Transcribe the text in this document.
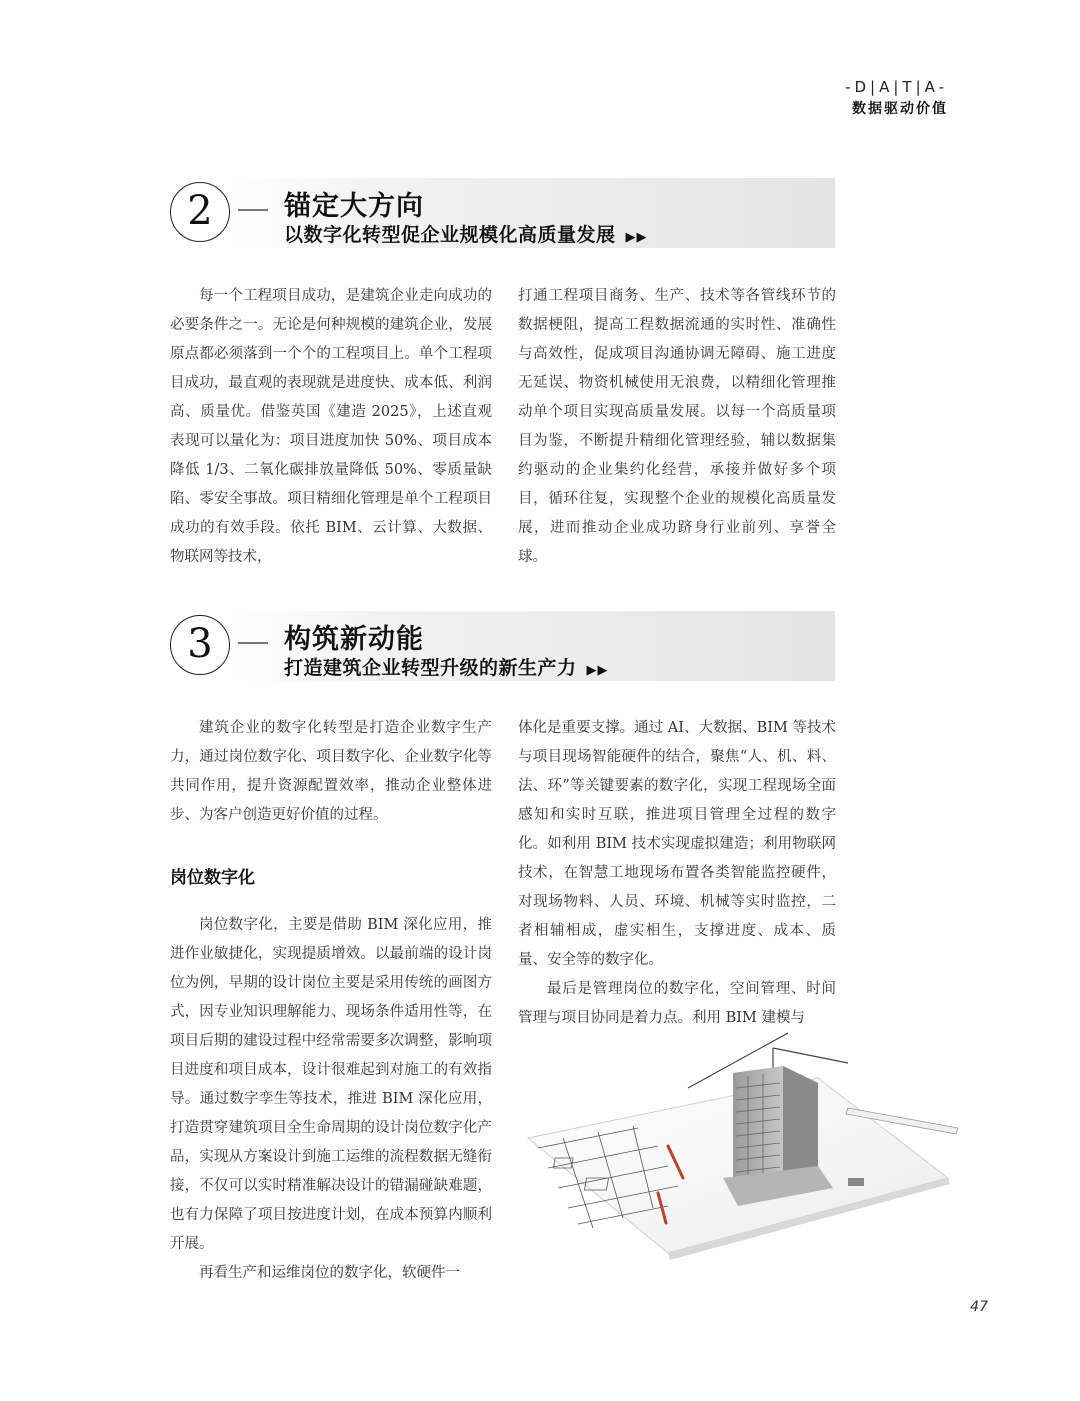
-D|A|T|A-
数据驱动价值
2	锚定大方向
以数字化转型促企业规模化高质量发展 ▶▶

每一个工程项目成功，是建筑企业走向成功的必要条件之一。无论是何种规模的建筑企业，发展原点都必须落到一个个的工程项目上。单个工程项目成功，最直观的表现就是进度快、成本低、利润高、质量优。借鉴英国《建造 2025》，上述直观表现可以量化为：项目进度加快 50%、项目成本降低 1/3、二氧化碳排放量降低 50%、零质量缺陷、零安全事故。项目精细化管理是单个工程项目成功的有效手段。依托 BIM、云计算、大数据、物联网等技术，

打通工程项目商务、生产、技术等各管线环节的数据梗阻，提高工程数据流通的实时性、准确性与高效性，促成项目沟通协调无障碍、施工进度无延误、物资机械使用无浪费，以精细化管理推动单个项目实现高质量发展。以每一个高质量项目为鉴，不断提升精细化管理经验，辅以数据集约驱动的企业集约化经营，承接并做好多个项目，循环往复，实现整个企业的规模化高质量发展，进而推动企业成功跻身行业前列、享誉全球。

3	构筑新动能
打造建筑企业转型升级的新生产力 ▶▶

建筑企业的数字化转型是打造企业数字生产力，通过岗位数字化、项目数字化、企业数字化等共同作用，提升资源配置效率，推动企业整体进步、为客户创造更好价值的过程。

岗位数字化

岗位数字化，主要是借助 BIM 深化应用，推进作业敏捷化，实现提质增效。以最前端的设计岗位为例，早期的设计岗位主要是采用传统的画图方式，因专业知识理解能力、现场条件适用性等，在项目后期的建设过程中经常需要多次调整，影响项目进度和项目成本，设计很难起到对施工的有效指导。通过数字孪生等技术，推进 BIM 深化应用，打造贯穿建筑项目全生命周期的设计岗位数字化产品，实现从方案设计到施工运维的流程数据无缝衔接，不仅可以实时精准解决设计的错漏碰缺难题，也有力保障了项目按进度计划，在成本预算内顺利开展。

再看生产和运维岗位的数字化，软硬件一

体化是重要支撑。通过 AI、大数据、BIM 等技术与项目现场智能硬件的结合，聚焦“人、机、料、法、环”等关键要素的数字化，实现工程现场全面感知和实时互联，推进项目管理全过程的数字化。如利用 BIM 技术实现虚拟建造；利用物联网技术，在智慧工地现场布置各类智能监控硬件，对现场物料、人员、环境、机械等实时监控，二者相辅相成，虚实相生，支撑进度、成本、质量、安全等的数字化。

最后是管理岗位的数字化，空间管理、时间管理与项目协同是着力点。利用 BIM 建模与

47
